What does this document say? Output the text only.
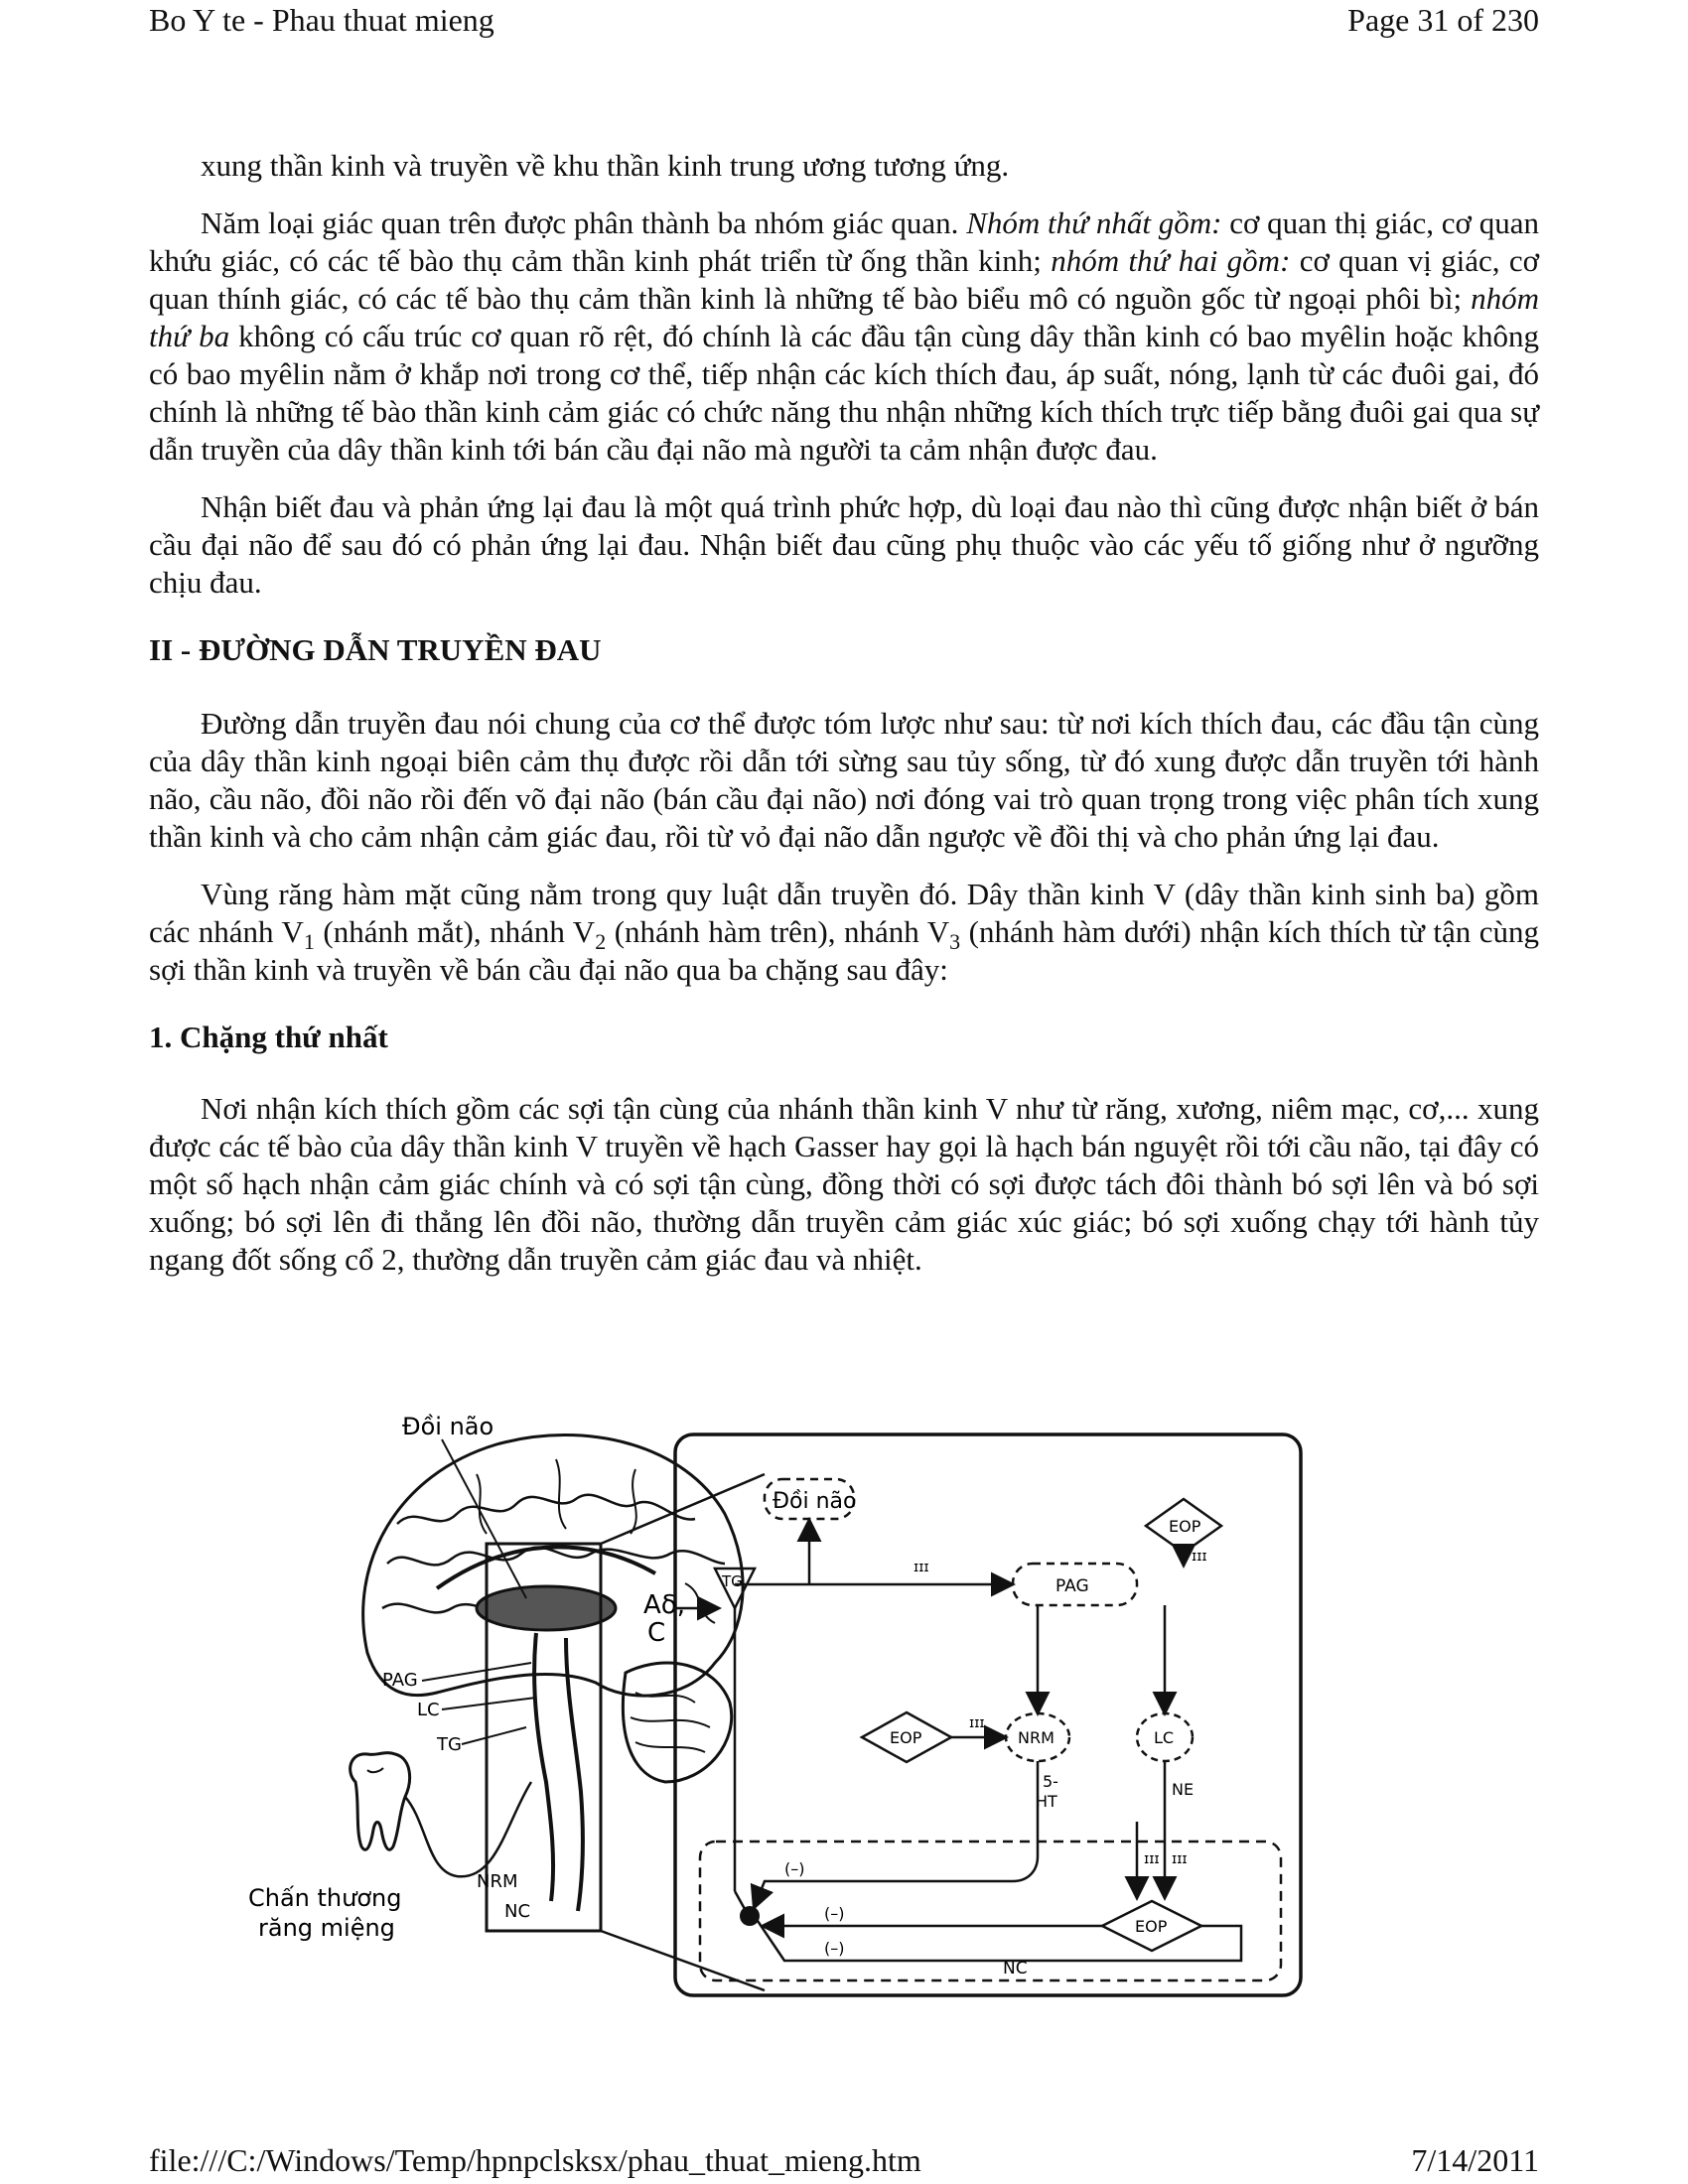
Bo Y te - Phau thuat mieng	Page 31 of 230

xung thần kinh và truyền về khu thần kinh trung ương tương ứng.

Năm loại giác quan trên được phân thành ba nhóm giác quan. Nhóm thứ nhất gồm: cơ quan thị giác, cơ quan khứu giác, có các tế bào thụ cảm thần kinh phát triển từ ống thần kinh; nhóm thứ hai gồm: cơ quan vị giác, cơ quan thính giác, có các tế bào thụ cảm thần kinh là những tế bào biểu mô có nguồn gốc từ ngoại phôi bì; nhóm thứ ba không có cấu trúc cơ quan rõ rệt, đó chính là các đầu tận cùng dây thần kinh có bao myêlin hoặc không có bao myêlin nằm ở khắp nơi trong cơ thể, tiếp nhận các kích thích đau, áp suất, nóng, lạnh từ các đuôi gai, đó chính là những tế bào thần kinh cảm giác có chức năng thu nhận những kích thích trực tiếp bằng đuôi gai qua sự dẫn truyền của dây thần kinh tới bán cầu đại não mà người ta cảm nhận được đau.

Nhận biết đau và phản ứng lại đau là một quá trình phức hợp, dù loại đau nào thì cũng được nhận biết ở bán cầu đại não để sau đó có phản ứng lại đau. Nhận biết đau cũng phụ thuộc vào các yếu tố giống như ở ngưỡng chịu đau.

II - ĐƯỜNG DẪN TRUYỀN ĐAU

Đường dẫn truyền đau nói chung của cơ thể được tóm lược như sau: từ nơi kích thích đau, các đầu tận cùng của dây thần kinh ngoại biên cảm thụ được rồi dẫn tới sừng sau tủy sống, từ đó xung được dẫn truyền tới hành não, cầu não, đồi não rồi đến võ đại não (bán cầu đại não) nơi đóng vai trò quan trọng trong việc phân tích xung thần kinh và cho cảm nhận cảm giác đau, rồi từ vỏ đại não dẫn ngược về đồi thị và cho phản ứng lại đau.

Vùng răng hàm mặt cũng nằm trong quy luật dẫn truyền đó. Dây thần kinh V (dây thần kinh sinh ba) gồm các nhánh $V_1$ (nhánh mắt), nhánh $V_2$ (nhánh hàm trên), nhánh $V_3$ (nhánh hàm dưới) nhận kích thích từ tận cùng sợi thần kinh và truyền về bán cầu đại não qua ba chặng sau đây:

1. Chặng thứ nhất

Nơi nhận kích thích gồm các sợi tận cùng của nhánh thần kinh V như từ răng, xương, niêm mạc, cơ,... xung được các tế bào của dây thần kinh V truyền về hạch Gasser hay gọi là hạch bán nguyệt rồi tới cầu não, tại đây có một số hạch nhận cảm giác chính và có sợi tận cùng, đồng thời có sợi được tách đôi thành bó sợi lên và bó sợi xuống; bó sợi lên đi thẳng lên đồi não, thường dẫn truyền cảm giác xúc giác; bó sợi xuống chạy tới hành tủy ngang đốt sống cổ 2, thường dẫn truyền cảm giác đau và nhiệt.

Đồi não
PAG
LC
TG
NRM
NC
Chấn thương
răng miệng
Đồi não
EOP
TG
Aδ,
C
PAG
EOP	NRM	LC
ɪɪɪ
ɪɪɪ
ɪɪɪ
5-
HT
NE
NC
(–)	ɪɪɪ ɪɪɪ
EOP
(–)
(–)
file:///C:/Windows/Temp/hpnpclsksx/phau_thuat_mieng.htm	7/14/2011
